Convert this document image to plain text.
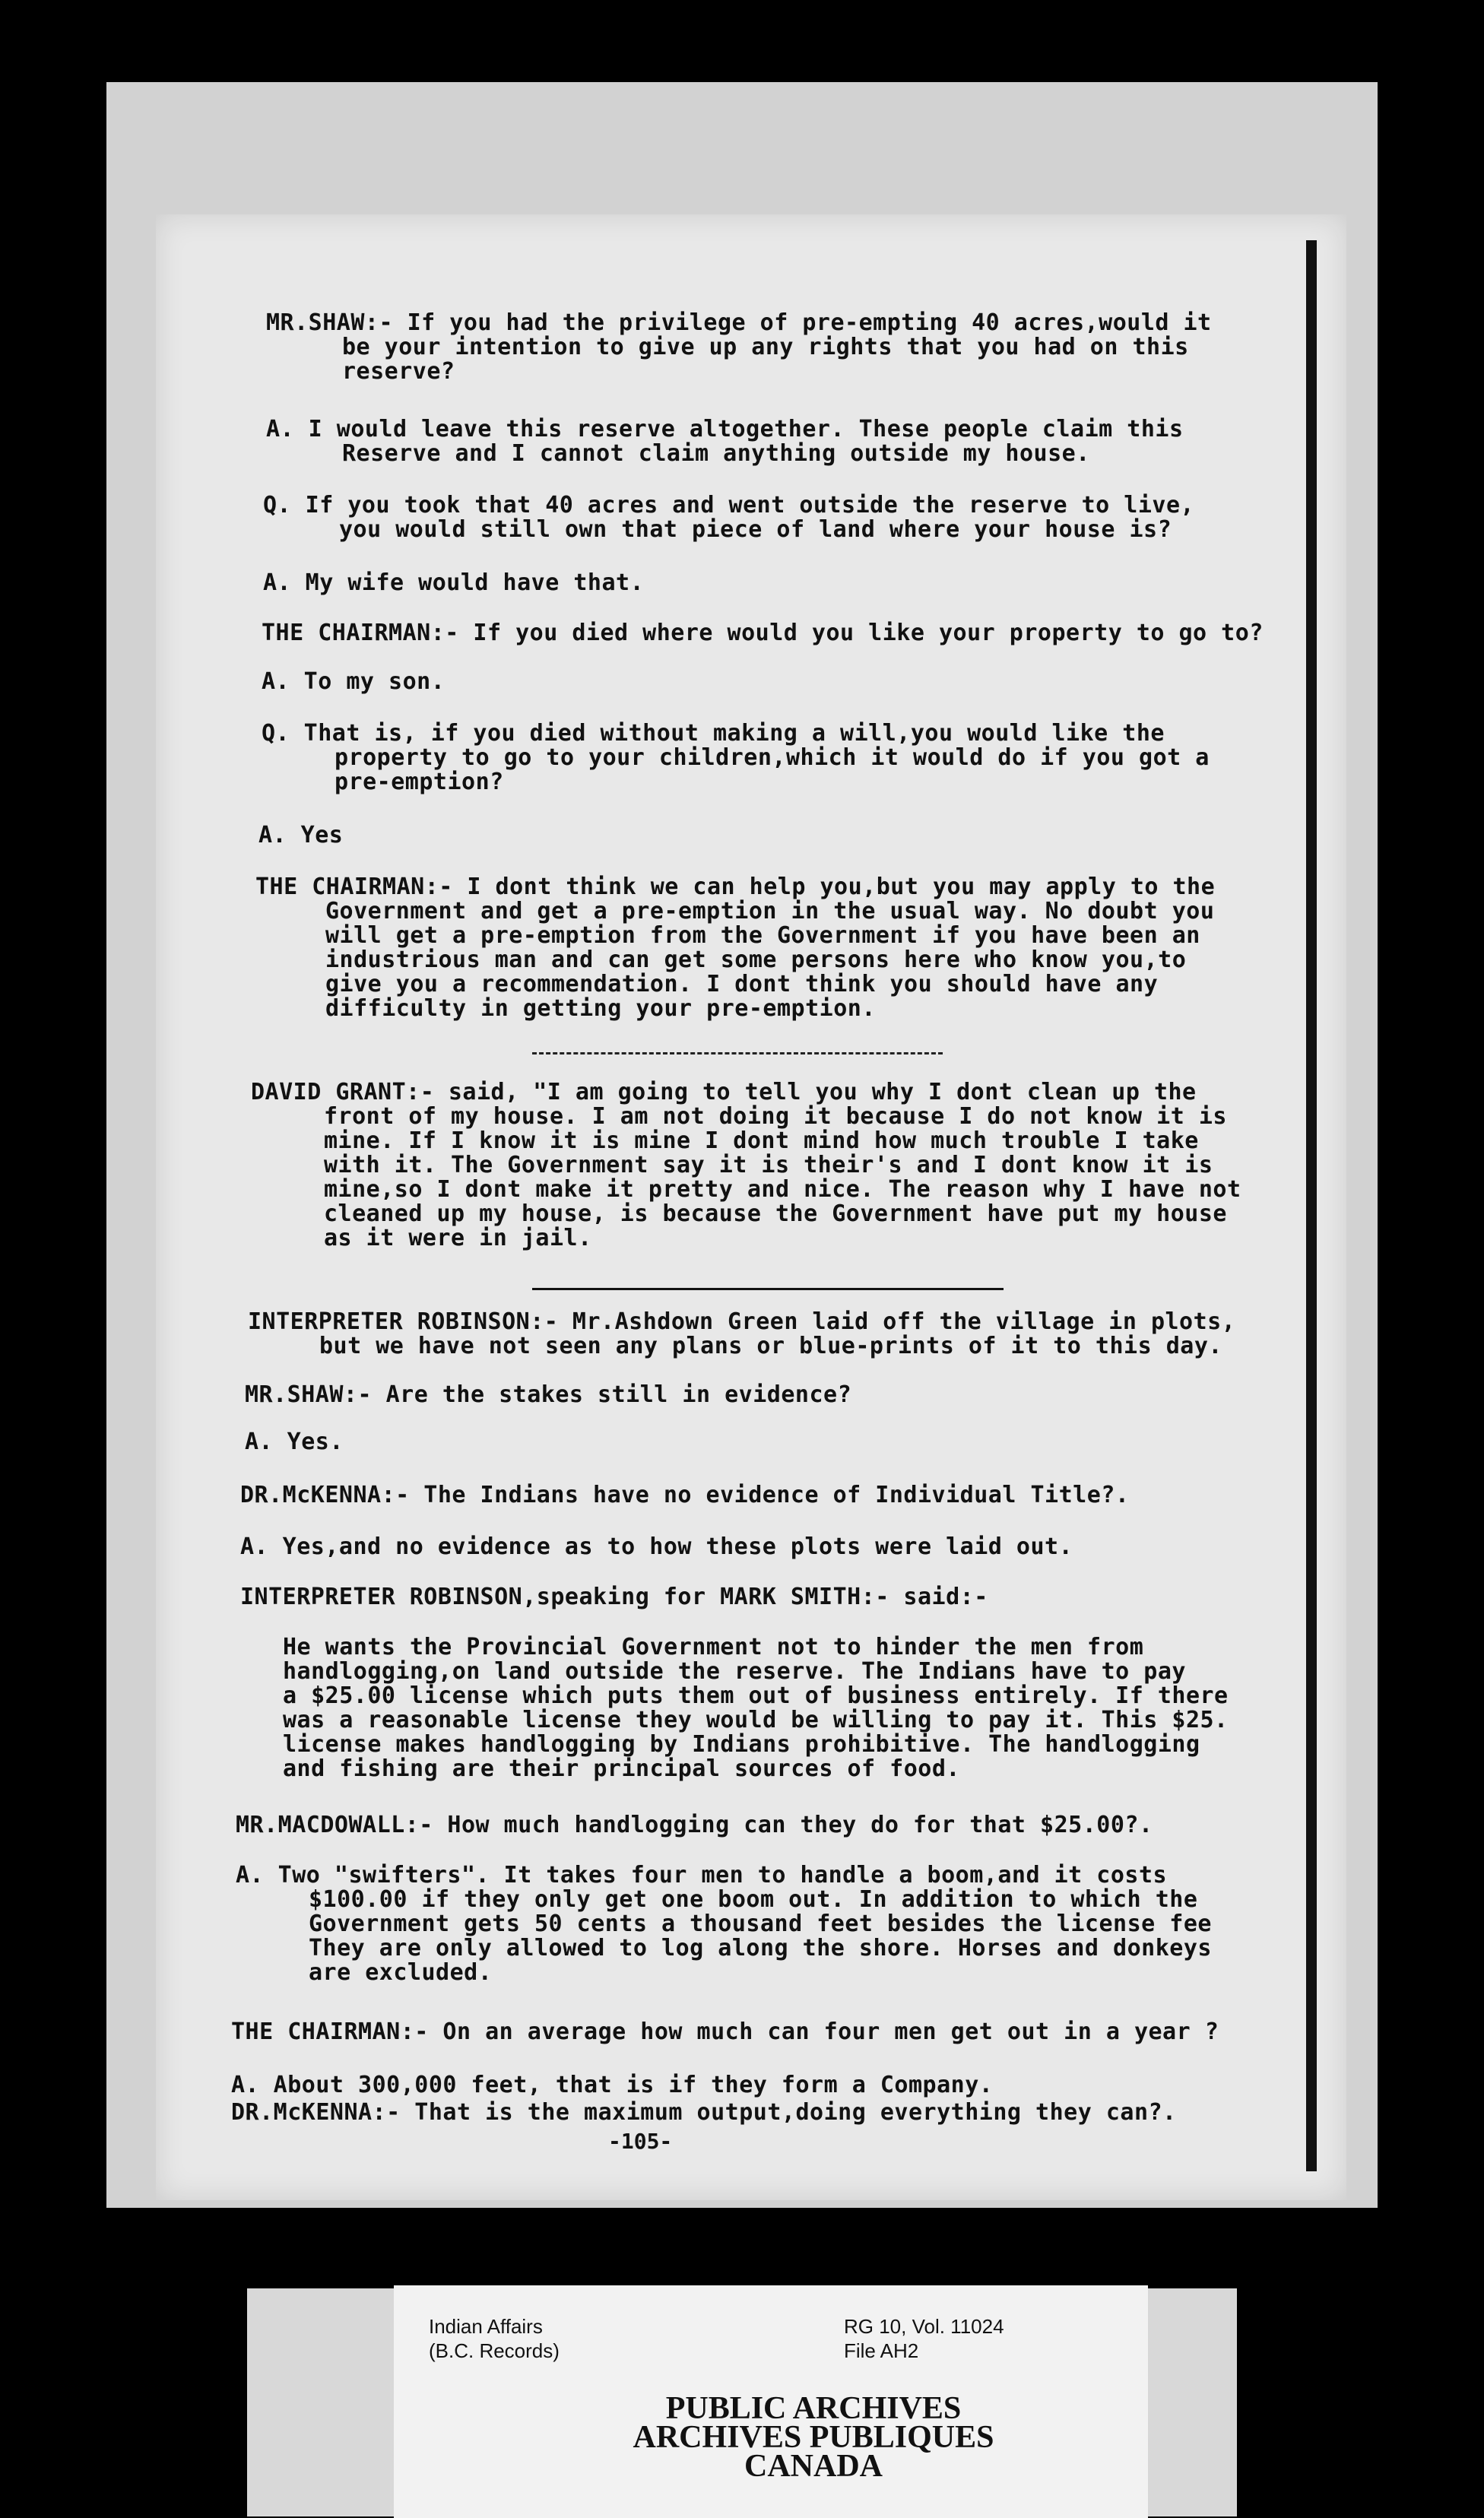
MR.SHAW:- If you had the privilege of pre-empting 40 acres,would it
be your intention to give up any rights that you had on this
reserve?
A. I would leave this reserve altogether. These people claim this
Reserve and I cannot claim anything outside my house.
Q. If you took that 40 acres and went outside the reserve to live,
you would still own that piece of land where your house is?
A. My wife would have that.
THE CHAIRMAN:- If you died where would you like your property to go to?
A. To my son.
Q. That is, if you died without making a will,you would like the
property to go to your children,which it would do if you got a
pre-emption?
A. Yes
THE CHAIRMAN:- I dont think we can help you,but you may apply to the
Government and get a pre-emption in the usual way. No doubt you
will get a pre-emption from the Government if you have been an
industrious man and can get some persons here who know you,to
give you a recommendation. I dont think you should have any
difficulty in getting your pre-emption.
DAVID GRANT:- said, "I am going to tell you why I dont clean up the
front of my house. I am not doing it because I do not know it is
mine. If I know it is mine I dont mind how much trouble I take
with it. The Government say it is their's and I dont know it is
mine,so I dont make it pretty and nice. The reason why I have not
cleaned up my house, is because the Government have put my house
as it were in jail.
INTERPRETER ROBINSON:- Mr.Ashdown Green laid off the village in plots,
but we have not seen any plans or blue-prints of it to this day.
MR.SHAW:- Are the stakes still in evidence?
A. Yes.
DR.McKENNA:- The Indians have no evidence of Individual Title?.
A. Yes,and no evidence as to how these plots were laid out.
INTERPRETER ROBINSON,speaking for MARK SMITH:- said:-
He wants the Provincial Government not to hinder the men from
handlogging,on land outside the reserve. The Indians have to pay
a $25.00 license which puts them out of business entirely. If there
was a reasonable license they would be willing to pay it. This $25.
license makes handlogging by Indians prohibitive. The handlogging
and fishing are their principal sources of food.
MR.MACDOWALL:- How much handlogging can they do for that $25.00?.
A. Two "swifters". It takes four men to handle a boom,and it costs
$100.00 if they only get one boom out. In addition to which the
Government gets 50 cents a thousand feet besides the license fee
They are only allowed to log along the shore. Horses and donkeys
are excluded.
THE CHAIRMAN:- On an average how much can four men get out in a year ?
A. About 300,000 feet, that is if they form a Company.
DR.McKENNA:- That is the maximum output,doing everything they can?.
-105-
Indian Affairs
(B.C. Records)
RG 10, Vol. 11024
File AH2
PUBLIC ARCHIVES
ARCHIVES PUBLIQUES
CANADA
